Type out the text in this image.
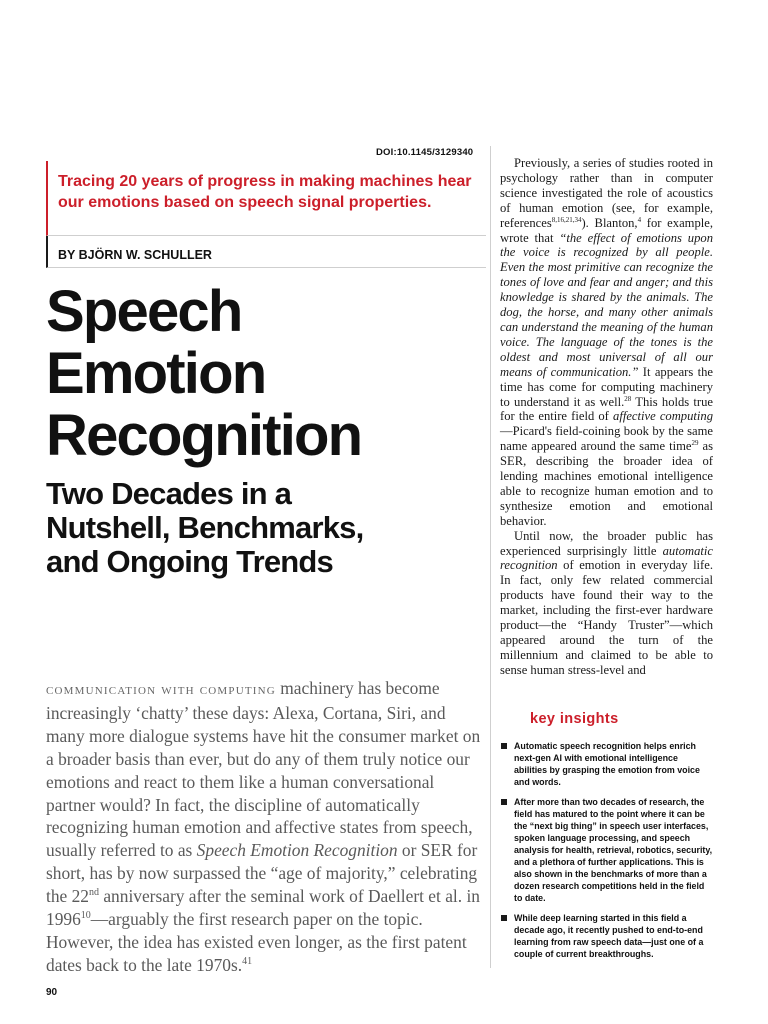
DOI:10.1145/3129340

Tracing 20 years of progress in making machines hear our emotions based on speech signal properties.

BY BJÖRN W. SCHULLER
Speech
Emotion
Recognition
Two Decades in a
Nutshell, Benchmarks,
and Ongoing Trends

communication with computing machinery has become increasingly ‘chatty’ these days: Alexa, Cortana, Siri, and many more dialogue systems have hit the consumer market on a broader basis than ever, but do any of them truly notice our emotions and react to them like a human conversational partner would? In fact, the discipline of automatically recognizing human emotion and affective states from speech, usually referred to as Speech Emotion Recognition or SER for short, has by now surpassed the “age of majority,” celebrating the 22nd anniversary after the seminal work of Daellert et al. in 1996$^{10}$—arguably the first research paper on the topic. However, the idea has existed even longer, as the first patent dates back to the late 1970s.$^{41}$

Previously, a series of studies rooted in psychology rather than in computer science investigated the role of acoustics of human emotion (see, for example, references$^{8,16,21,34}$). Blanton,$^4$ for example, wrote that “the effect of emotions upon the voice is recognized by all people. Even the most primitive can recognize the tones of love and fear and anger; and this knowledge is shared by the animals. The dog, the horse, and many other animals can understand the meaning of the human voice. The language of the tones is the oldest and most universal of all our means of communication.” It appears the time has come for computing machinery to understand it as well.$^{28}$ This holds true for the entire field of affective computing—Picard's field-coining book by the same name appeared around the same time$^{29}$ as SER, describing the broader idea of lending machines emotional intelligence able to recognize human emotion and to synthesize emotion and emotional behavior.

Until now, the broader public has experienced surprisingly little automatic recognition of emotion in everyday life. In fact, only few related commercial products have found their way to the market, including the first-ever hardware product—the “Handy Truster”—which appeared around the turn of the millennium and claimed to be able to sense human stress-level and

key insights
Automatic speech recognition helps enrich next-gen AI with emotional intelligence abilities by grasping the emotion from voice and words.
After more than two decades of research, the field has matured to the point where it can be the “next big thing” in speech user interfaces, spoken language processing, and speech analysis for health, retrieval, robotics, security, and a plethora of further applications. This is also shown in the benchmarks of more than a dozen research competitions held in the field to date.
While deep learning started in this field a decade ago, it recently pushed to end-to-end learning from raw speech data—just one of a couple of current breakthroughs.
90
